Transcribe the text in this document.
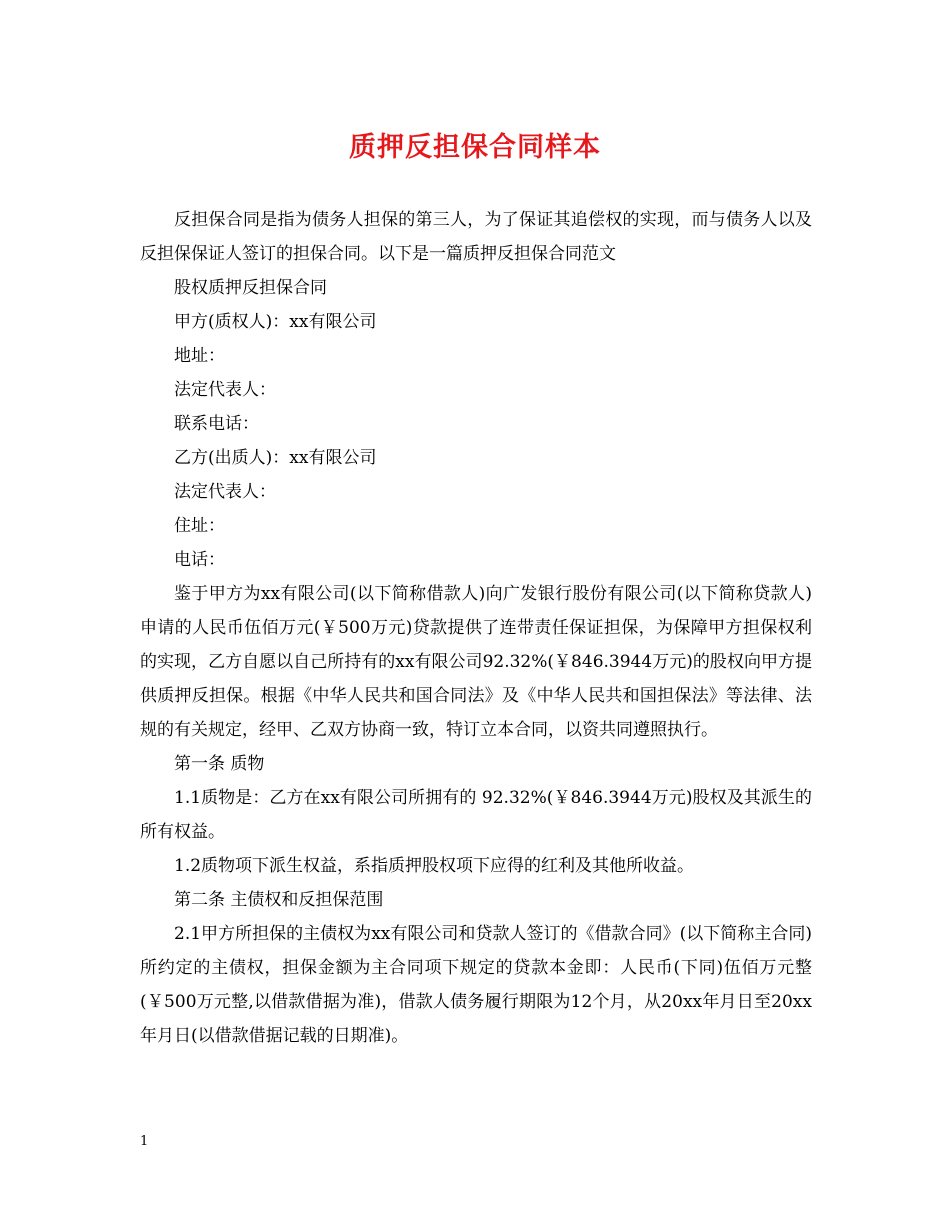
质押反担保合同样本

反担保合同是指为债务人担保的第三人，为了保证其追偿权的实现，而与债务人以及反担保保证人签订的担保合同。以下是一篇质押反担保合同范文

股权质押反担保合同

甲方(质权人)：xx有限公司

地址：

法定代表人：

联系电话：

乙方(出质人)：xx有限公司

法定代表人：

住址：

电话：

鉴于甲方为xx有限公司(以下简称借款人)向广发银行股份有限公司(以下简称贷款人)申请的人民币伍佰万元(￥500万元)贷款提供了连带责任保证担保，为保障甲方担保权利的实现，乙方自愿以自己所持有的xx有限公司92.32%(￥846.3944万元)的股权向甲方提供质押反担保。根据《中华人民共和国合同法》及《中华人民共和国担保法》等法律、法规的有关规定，经甲、乙双方协商一致，特订立本合同，以资共同遵照执行。

第一条 质物

1.1质物是：乙方在xx有限公司所拥有的 92.32%(￥846.3944万元)股权及其派生的所有权益。

1.2质物项下派生权益，系指质押股权项下应得的红利及其他所收益。

第二条 主债权和反担保范围

2.1甲方所担保的主债权为xx有限公司和贷款人签订的《借款合同》(以下简称主合同)所约定的主债权，担保金额为主合同项下规定的贷款本金即：人民币(下同)伍佰万元整(￥500万元整,以借款借据为准)，借款人债务履行期限为12个月，从20xx年月日至20xx年月日(以借款借据记载的日期准)。

1
